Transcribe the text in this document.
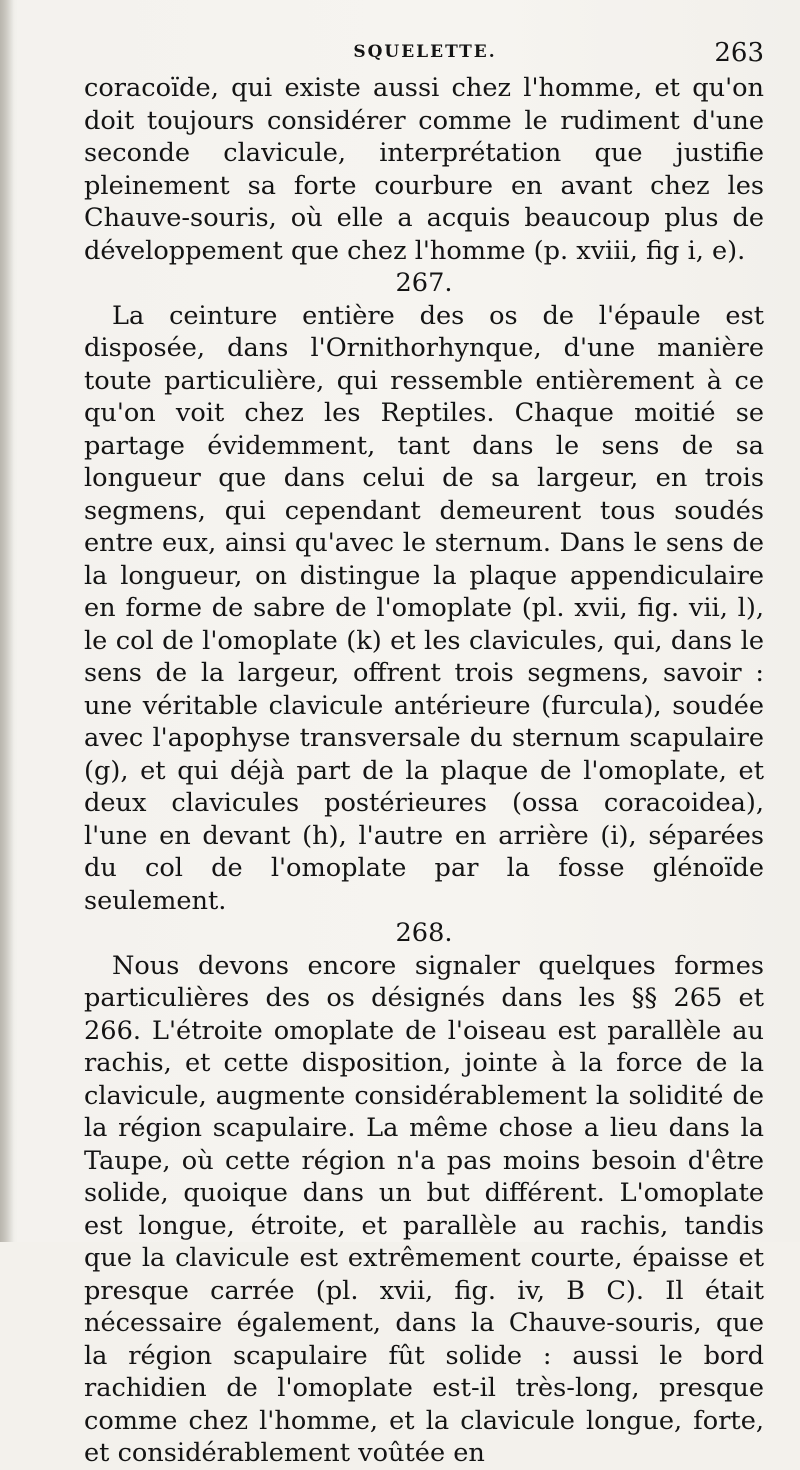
SQUELETTE.	263

coracoïde, qui existe aussi chez l'homme, et qu'on doit toujours considérer comme le rudiment d'une seconde clavicule, interprétation que justifie pleinement sa forte courbure en avant chez les Chauve-souris, où elle a acquis beaucoup plus de développement que chez l'homme (p. xviii, fig i, e).

267.

La ceinture entière des os de l'épaule est disposée, dans l'Ornithorhynque, d'une manière toute particulière, qui ressemble entièrement à ce qu'on voit chez les Reptiles. Chaque moitié se partage évidemment, tant dans le sens de sa longueur que dans celui de sa largeur, en trois segmens, qui cependant demeurent tous soudés entre eux, ainsi qu'avec le sternum. Dans le sens de la longueur, on distingue la plaque appendiculaire en forme de sabre de l'omoplate (pl. xvii, fig. vii, l), le col de l'omoplate (k) et les clavicules, qui, dans le sens de la largeur, offrent trois segmens, savoir : une véritable clavicule antérieure (furcula), soudée avec l'apophyse transversale du sternum scapulaire (g), et qui déjà part de la plaque de l'omoplate, et deux clavicules postérieures (ossa coracoidea), l'une en devant (h), l'autre en arrière (i), séparées du col de l'omoplate par la fosse glénoïde seulement.

268.

Nous devons encore signaler quelques formes particulières des os désignés dans les §§ 265 et 266. L'étroite omoplate de l'oiseau est parallèle au rachis, et cette disposition, jointe à la force de la clavicule, augmente considérablement la solidité de la région scapulaire. La même chose a lieu dans la Taupe, où cette région n'a pas moins besoin d'être solide, quoique dans un but différent. L'omoplate est longue, étroite, et parallèle au rachis, tandis que la clavicule est extrêmement courte, épaisse et presque carrée (pl. xvii, fig. iv, B C). Il était nécessaire également, dans la Chauve-souris, que la région scapulaire fût solide : aussi le bord rachidien de l'omoplate est-il très-long, presque comme chez l'homme, et la clavicule longue, forte, et considérablement voûtée en
